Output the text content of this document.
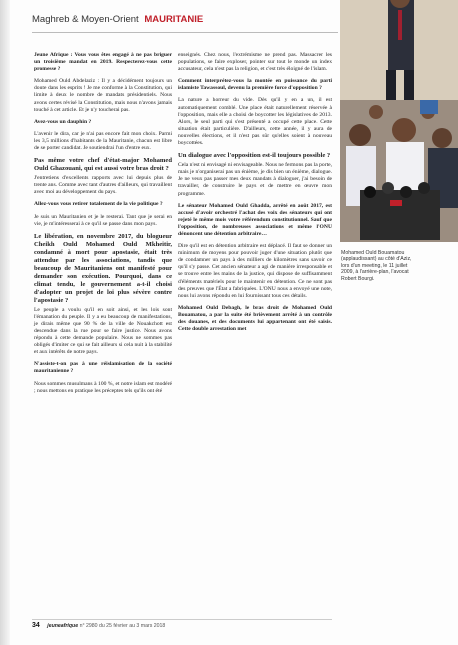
Maghreb & Moyen-Orient MAURITANIE

Jeune Afrique : Vous vous êtes engagé à ne pas briguer un troisième mandat en 2019. Respecterez-vous cette promesse ?

Mohamed Ould Abdelaziz : Il y a décidément toujours un doute dans les esprits ! Je me conforme à la Constitution, qui limite à deux le nombre de mandats présidentiels. Nous avons certes révisé la Constitution, mais nous n'avons jamais touché à cet article. Et je n'y toucherai pas.

Avez-vous un dauphin ?

L'avenir le dira, car je n'ai pas encore fait mon choix. Parmi les 3,5 millions d'habitants de la Mauritanie, chacun est libre de se porter candidat. Je soutiendrai l'un d'entre eux.

Pas même votre chef d'état-major Mohamed Ould Ghazouani, qui est aussi votre bras droit ?

J'entretiens d'excellents rapports avec lui depuis plus de trente ans. Comme avec tant d'autres d'ailleurs, qui travaillent avec moi au développement du pays.

Allez-vous vous retirer totalement de la vie politique ?

Je suis un Mauritanien et je le resterai. Tant que je serai en vie, je m'intéresserai à ce qu'il se passe dans mon pays.

Le libération, en novembre 2017, du blogueur Cheikh Ould Mohamed Ould Mkheitir, condamné à mort pour apostasie, était très attendue par les associations, tandis que beaucoup de Mauritaniens ont manifesté pour demander son exécution. Pourquoi, dans ce climat tendu, le gouvernement a-t-il choisi d'adopter un projet de loi plus sévère contre l'apostasie ?

Le peuple a voulu qu'il en soit ainsi, et les lois sont l'émanation du peuple. Il y a eu beaucoup de manifestations, je dirais même que 90 % de la ville de Nouakchott est descendue dans la rue pour se faire justice. Nous avons répondu à cette demande populaire. Nous ne sommes pas obligés d'imiter ce qui se fait ailleurs si cela nuit à la stabilité et aux intérêts de notre pays.

N'assiste-t-on pas à une réislamisation de la société mauritanienne ?

Nous sommes musulmans à 100 %, et notre islam est modéré ; nous mettons en pratique les préceptes tels qu'ils ont été

enseignés. Chez nous, l'extrémisme ne prend pas. Massacrer les populations, se faire exploser, pointer sur tout le monde un index accusateur, cela n'est pas la religion, et c'est très éloigné de l'islam.

Comment interprétez-vous la montée en puissance du parti islamiste Tawassoul, devenu la première force d'opposition ?

La nature a horreur du vide. Dès qu'il y en a un, il est automatiquement comblé. Une place était naturellement réservée à l'opposition, mais elle a choisi de boycotter les législatives de 2013. Alors, le seul parti qui s'est présenté a occupé cette place. Cette situation était particulière. D'ailleurs, cette année, il y aura de nouvelles élections, et il n'est pas sûr qu'elles soient à nouveau boycottées.

Un dialogue avec l'opposition est-il toujours possible ?

Cela n'est ni envisagé ni envisageable. Nous ne fermons pas la porte, mais je n'organiserai pas un énième, je dis bien un énième, dialogue. Je ne veux pas passer mes deux mandats à dialoguer, j'ai besoin de travailler, de construire le pays et de mettre en œuvre mon programme.

Le sénateur Mohamed Ould Ghadda, arrêté en août 2017, est accusé d'avoir orchestré l'achat des voix des sénateurs qui ont rejeté le même mois votre référendum constitutionnel. Sauf que l'opposition, de nombreuses associations et même l'ONU dénoncent une détention arbitraire…

Dire qu'il est en détention arbitraire est déplacé. Il faut se donner un minimum de moyens pour pouvoir juger d'une situation plutôt que de condamner un pays à des milliers de kilomètres sans savoir ce qu'il s'y passe. Cet ancien sénateur a agi de manière irresponsable et se trouve entre les mains de la justice, qui dispose de suffisamment d'éléments matériels pour le maintenir en détention. Ce ne sont pas des preuves que l'État a fabriquées. L'ONU nous a envoyé une note, nous lui avons répondu en lui fournissant tous ces détails.

Mohamed Ould Debagh, le bras droit de Mohamed Ould Bouamatou, a par la suite été brièvement arrêté à un contrôle des douanes, et des documents lui appartenant ont été saisis. Cette double arrestation met

Mohamed Ould Bouamatou (applaudissant) au côté d'Aziz, lors d'un meeting, le 11 juillet 2009, à l'arrière-plan, l'avocat Robert Bourgi.
34 jeuneafrique n° 2980 du 25 février au 3 mars 2018
